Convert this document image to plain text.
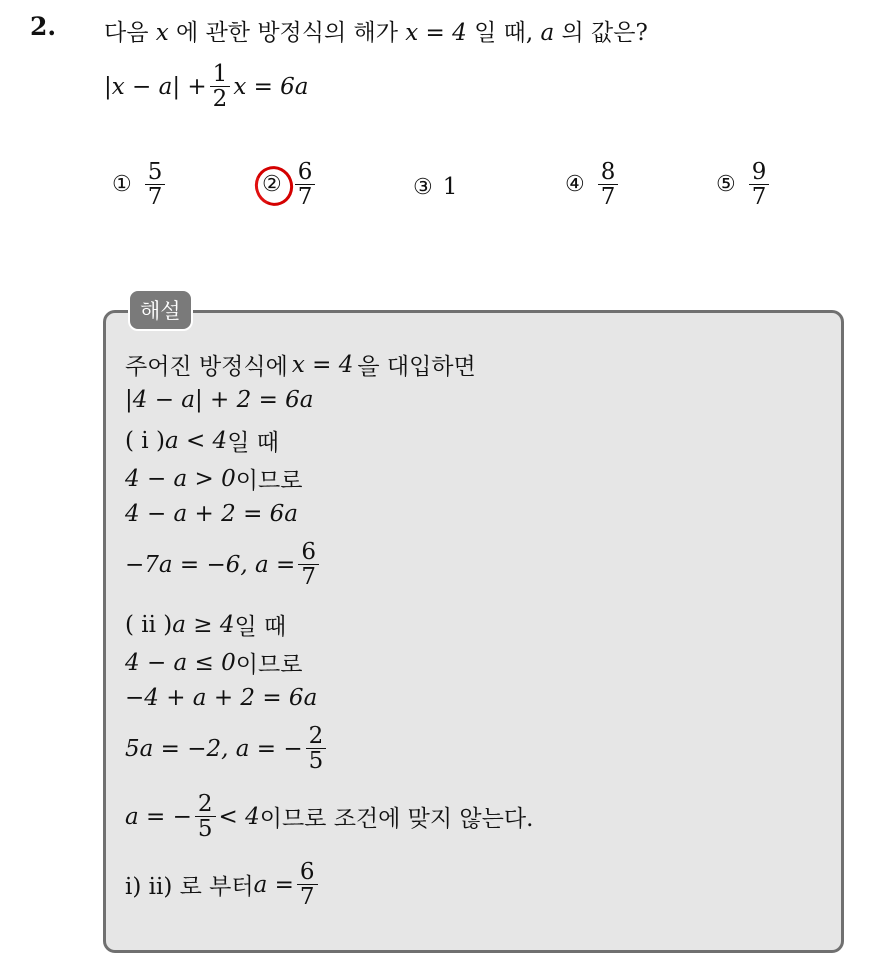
2. 다음 x 에 관한 방정식의 해가 x = 4 일 때, a 의 값은?
$|x - a| + \frac{1}{2}$ x = 6a
① $\frac{5}{7}$	② $\frac{6}{7}$	③ 1	④ $\frac{8}{7}$	⑤ $\frac{9}{7}$
해설
주어진 방정식에 x = 4 을 대입하면
|4 − a| + 2 = 6a
( i ) a < 4 일 때
4 − a > 0 이므로
4 − a + 2 = 6a
−7a = −6, $a = \frac{6}{7}$
( ii ) a ≥ 4 일 때
4 − a ≤ 0 이므로
−4 + a + 2 = 6a
5a = −2, a = − $\frac{2}{5}$
a = − $\frac{2}{5} < 4$ 이므로 조건에 맞지 않는다.
i) ii) 로 부터 $a = \frac{6}{7}$
